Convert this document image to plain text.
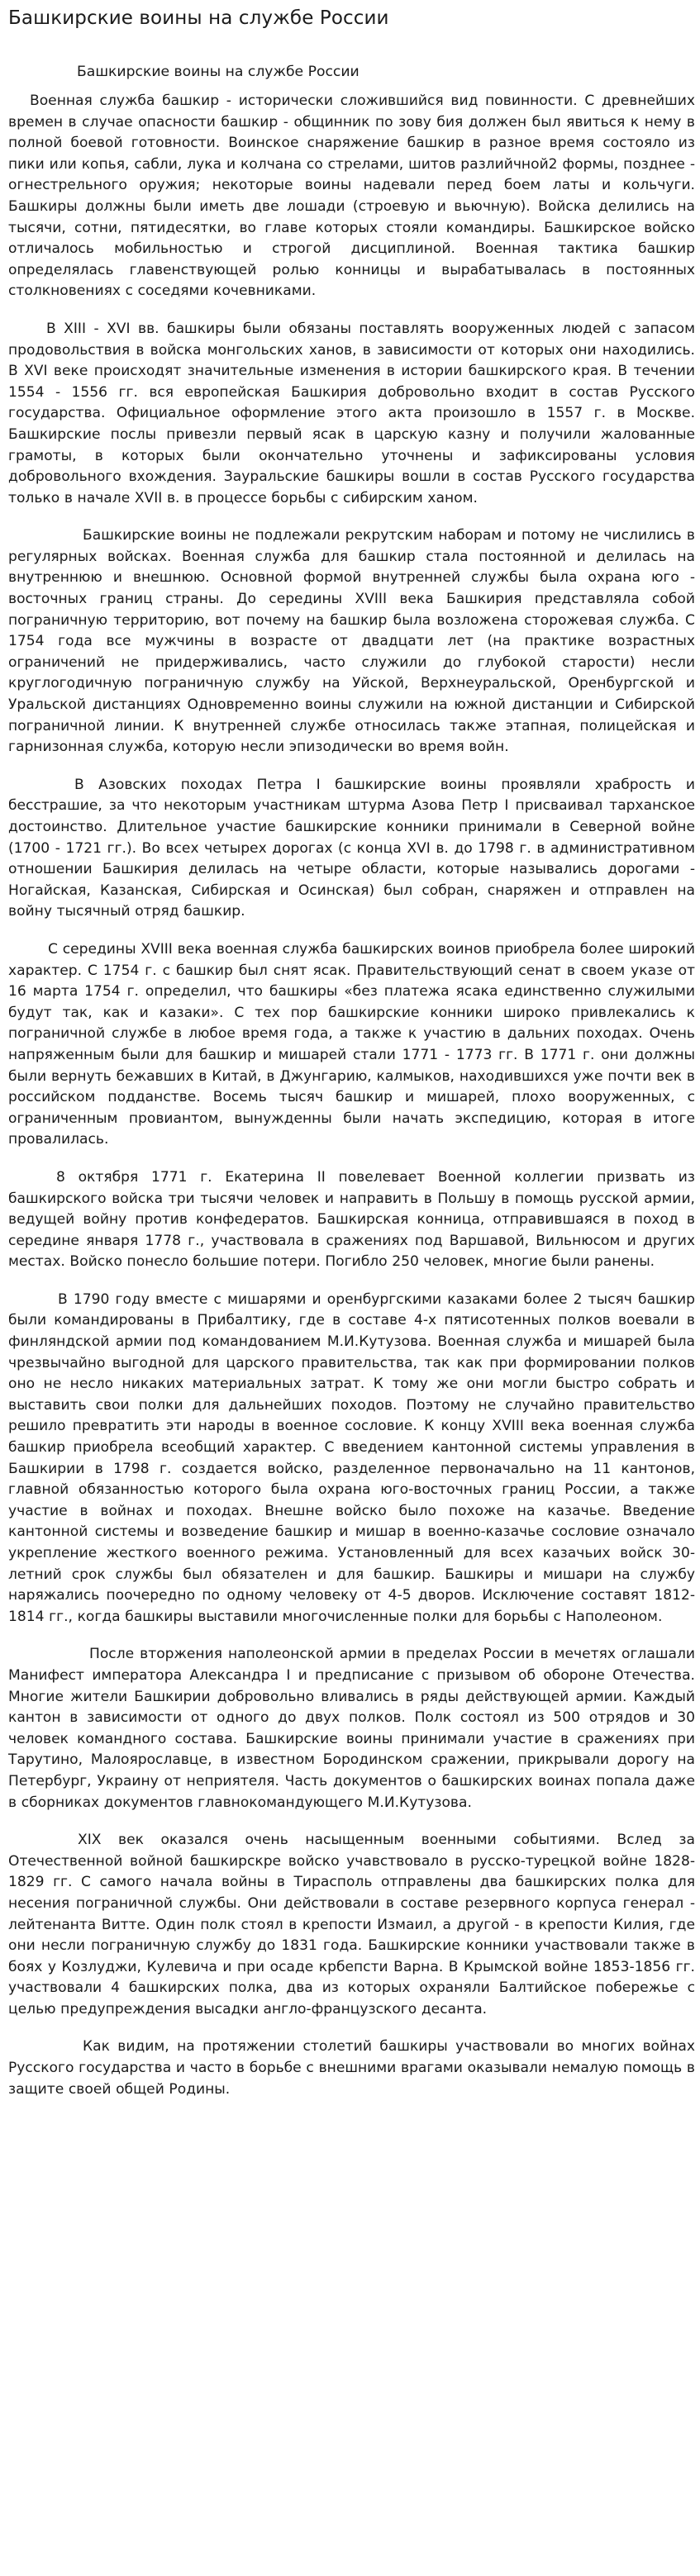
Башкирские воины на службе России
Башкирские воины на службе России

Военная служба башкир - исторически сложившийся вид повинности. С древнейших времен в случае опасности башкир - общинник по зову бия должен был явиться к нему в полной боевой готовности. Воинское снаряжение башкир в разное время состояло из пики или копья, сабли, лука и колчана со стрелами, шитов разлийчной2 формы, позднее - огнестрельного оружия; некоторые воины надевали перед боем латы и кольчуги. Башкиры должны были иметь две лошади (строевую и вьючную). Войска делились на тысячи, сотни, пятидесятки, во главе которых стояли командиры. Башкирское войско отличалось мобильностью и строгой дисциплиной. Военная тактика башкир определялась главенствующей ролью конницы и вырабатывалась в постоянных столкновениях с соседями кочевниками.

В XIII - XVI вв. башкиры были обязаны поставлять вооруженных людей с запасом продовольствия в войска монгольских ханов, в зависимости от которых они находились. В XVI веке происходят значительные изменения в истории башкирского края. В течении 1554 - 1556 гг. вся европейская Башкирия добровольно входит в состав Русского государства. Официальное оформление этого акта произошло в 1557 г. в Москве. Башкирские послы привезли первый ясак в царскую казну и получили жалованные грамоты, в которых были окончательно уточнены и зафиксированы условия добровольного вхождения. Зауральские башкиры вошли в состав Русского государства только в начале XVII в. в процессе борьбы с сибирским ханом.

Башкирские воины не подлежали рекрутским наборам и потому не числились в регулярных войсках. Военная служба для башкир стала постоянной и делилась на внутреннюю и внешнюю. Основной формой внутренней службы была охрана юго - восточных границ страны. До середины XVIII века Башкирия представляла собой пограничную территорию, вот почему на башкир была возложена сторожевая служба. С 1754 года все мужчины в возрасте от двадцати лет (на практике возрастных ограничений не придерживались, часто служили до глубокой старости) несли круглогодичную пограничную службу на Уйской, Верхнеуральской, Оренбургской и Уральской дистанциях Одновременно воины служили на южной дистанции и Сибирской пограничной линии. К внутренней службе относилась также этапная, полицейская и гарнизонная служба, которую несли эпизодически во время войн.

В Азовских походах Петра I башкирские воины проявляли храбрость и бесстрашие, за что некоторым участникам штурма Азова Петр I присваивал тарханское достоинство. Длительное участие башкирские конники принимали в Северной войне (1700 - 1721 гг.). Во всех четырех дорогах (с конца XVI в. до 1798 г. в административном отношении Башкирия делилась на четыре области, которые назывались дорогами - Ногайская, Казанская, Сибирская и Осинская) был собран, снаряжен и отправлен на войну тысячный отряд башкир.

С середины XVIII века военная служба башкирских воинов приобрела более широкий характер. С 1754 г. с башкир был снят ясак. Правительствующий сенат в своем указе от 16 марта 1754 г. определил, что башкиры «без платежа ясака единственно служилыми будут так, как и казаки». С тех пор башкирские конники широко привлекались к пограничной службе в любое время года, а также к участию в дальних походах. Очень напряженным были для башкир и мишарей стали 1771 - 1773 гг. В 1771 г. они должны были вернуть бежавших в Китай, в Джунгарию, калмыков, находившихся уже почти век в российском подданстве. Восемь тысяч башкир и мишарей, плохо вооруженных, с ограниченным провиантом, вынужденны были начать экспедицию, которая в итоге провалилась.

8 октября 1771 г. Екатерина II повелевает Военной коллегии призвать из башкирского войска три тысячи человек и направить в Польшу в помощь русской армии, ведущей войну против конфедератов. Башкирская конница, отправившаяся в поход в середине января 1778 г., участвовала в сражениях под Варшавой, Вильнюсом и других местах. Войско понесло большие потери. Погибло 250 человек, многие были ранены.

В 1790 году вместе с мишарями и оренбургскими казаками более 2 тысяч башкир были командированы в Прибалтику, где в составе 4-х пятисотенных полков воевали в финляндской армии под командованием М.И.Кутузова. Военная служба и мишарей была чрезвычайно выгодной для царского правительства, так как при формировании полков оно не несло никаких материальных затрат. К тому же они могли быстро собрать и выставить свои полки для дальнейших походов. Поэтому не случайно правительство решило превратить эти народы в военное сословие. К концу XVIII века военная служба башкир приобрела всеобщий характер. С введением кантонной системы управления в Башкирии в 1798 г. создается войско, разделенное первоначально на 11 кантонов, главной обязанностью которого была охрана юго-восточных границ России, а также участие в войнах и походах. Внешне войско было похоже на казачье. Введение кантонной системы и возведение башкир и мишар в военно-казачье сословие означало укрепление жесткого военного режима. Установленный для всех казачьих войск 30-летний срок службы был обязателен и для башкир. Башкиры и мишари на службу наряжались поочередно по одному человеку от 4-5 дворов. Исключение составят 1812-1814 гг., когда башкиры выставили многочисленные полки для борьбы с Наполеоном.

После вторжения наполеонской армии в пределах России в мечетях оглашали Манифест императора Александра I и предписание с призывом об обороне Отечества. Многие жители Башкирии добровольно вливались в ряды действующей армии. Каждый кантон в зависимости от одного до двух полков. Полк состоял из 500 отрядов и 30 человек командного состава. Башкирские воины принимали участие в сражениях при Тарутино, Малоярославце, в известном Бородинском сражении, прикрывали дорогу на Петербург, Украину от неприятеля. Часть документов о башкирских воинах попала даже в сборниках документов главнокомандующего М.И.Кутузова.

XIX век оказался очень насыщенным военными событиями. Вслед за Отечественной войной башкирскре войско учавствовало в русско-турецкой войне 1828- 1829 гг. С самого начала войны в Тирасполь отправлены два башкирских полка для несения пограничной службы. Они действовали в составе резервного корпуса генерал - лейтенанта Витте. Один полк стоял в крепости Измаил, а другой - в крепости Килия, где они несли пограничную службу до 1831 года. Башкирские конники участвовали также в боях у Козлуджи, Кулевича и при осаде крбепсти Варна. В Крымской войне 1853-1856 гг. участвовали 4 башкирских полка, два из которых охраняли Балтийское побережье с целью предупреждения высадки англо-французского десанта.

Как видим, на протяжении столетий башкиры участвовали во многих войнах Русского государства и часто в борьбе с внешними врагами оказывали немалую помощь в защите своей общей Родины.
